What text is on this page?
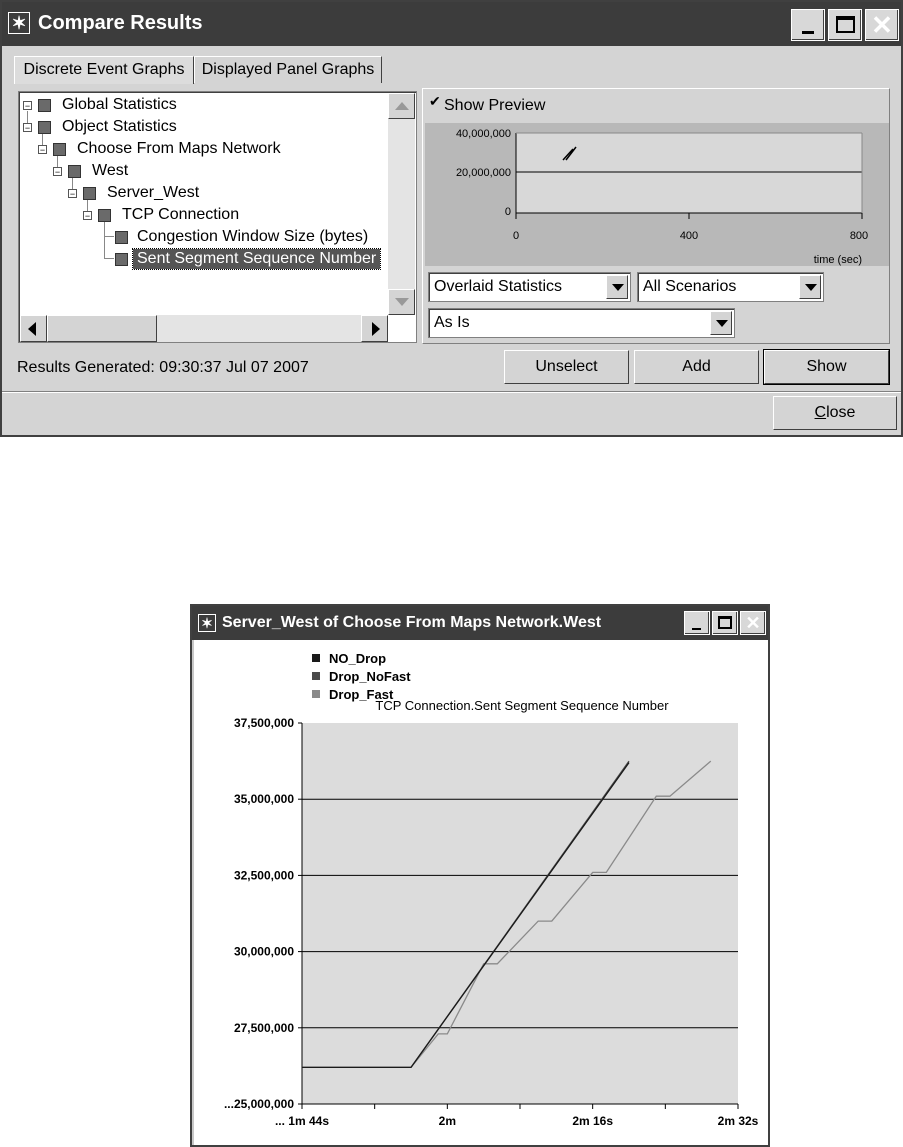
✶ Compare Results	✕
Discrete Event Graphs	Displayed Panel Graphs
− Global Statistics
− Object Statistics
− Choose From Maps Network
− West
− Server_West
− TCP Connection
Congestion Window Size (bytes)
Sent Segment Sequence Number
✔ Show Preview
40,000,000
20,000,000
0
0	400	800
time (sec)
Overlaid Statistics	All Scenarios
As Is
Results Generated: 09:30:37 Jul 07 2007	Unselect	Add	Show
Close
✶ Server_West of Choose From Maps Network.West	✕
...25,000,000
27,500,000
30,000,000
32,500,000
35,000,000
37,500,000
... 1m 44s	2m	2m 16s	2m 32s
NO_Drop
Drop_NoFast
Drop_Fast
TCP Connection.Sent Segment Sequence Number
